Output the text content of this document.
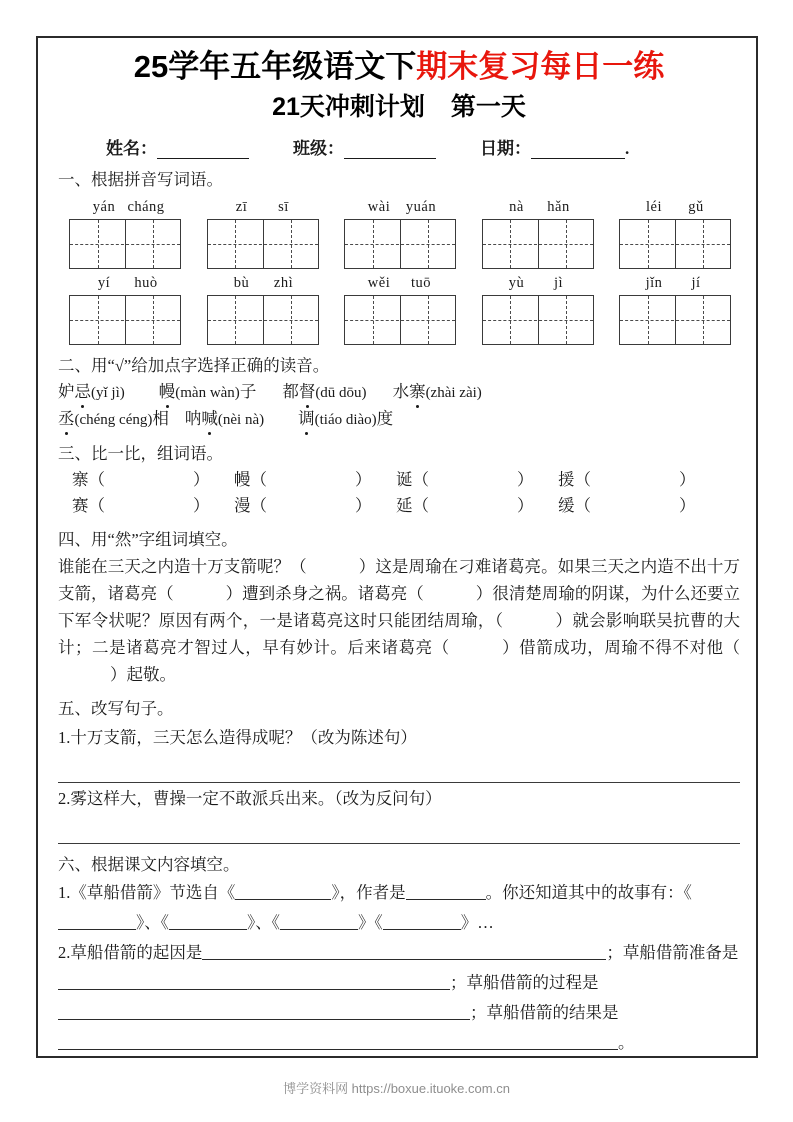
25学年五年级语文下期末复习每日一练
21天冲刺计划 第一天
姓名：	班级：	日期：	.
一、根据拼音写词语。
yán cháng	zī sī	wài yuán	nà hǎn	léi gǔ
yí huò	bù zhì	wěi tuō	yù jì	jǐn jí
二、用“√”给加点字选择正确的读音。
妒忌(yǐ jì) 幔(màn wàn)子 都督(dū dōu) 水寨(zhài zài)
丞(chéng céng)相 呐喊(nèi nà) 调(tiáo diào)度
三、比一比，组词语。
寨（	）	幔（	）	诞（	）	援（	）
赛（	）	漫（	）	延（	）	缓（	）
四、用“然”字组词填空。
谁能在三天之内造十万支箭呢？（	）这是周瑜在刁难诸葛亮。如果三天之内造不出十万支箭，诸葛亮（	）遭到杀身之祸。诸葛亮（	）很清楚周瑜的阴谋，为什么还要立下军令状呢？原因有两个，一是诸葛亮这时只能团结周瑜，（	）就会影响联吴抗曹的大计；二是诸葛亮才智过人，早有妙计。后来诸葛亮（	）借箭成功，周瑜不得不对他（）起敬。
五、改写句子。
1.十万支箭，三天怎么造得成呢？（改为陈述句）
2.雾这样大，曹操一定不敢派兵出来。（改为反问句）
六、根据课文内容填空。
1.《草船借箭》节选自《	》，作者是	。你还知道其中的故事有：《》、《	》、《	》《	》…
2.草船借箭的起因是	；草船借箭准备是；草船借箭的过程是；草船借箭的结果是。
博学资料网 https://boxue.ituoke.com.cn
